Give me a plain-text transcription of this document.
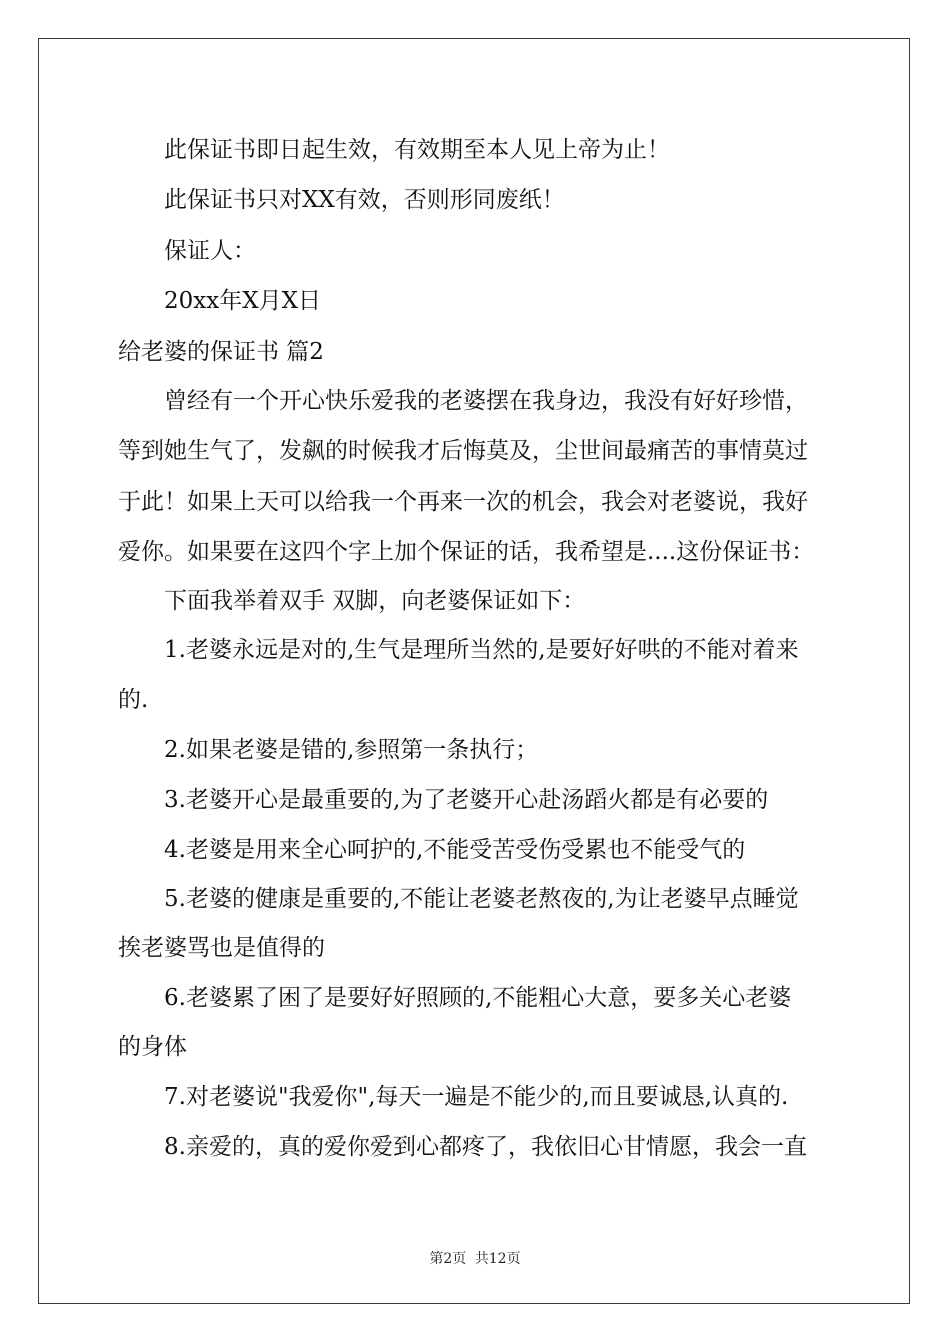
此保证书即日起生效，有效期至本人见上帝为止！
此保证书只对XX有效，否则形同废纸！
保证人：
20xx年X月X日
给老婆的保证书 篇2
曾经有一个开心快乐爱我的老婆摆在我身边，我没有好好珍惜，
等到她生气了，发飙的时候我才后悔莫及，尘世间最痛苦的事情莫过
于此！如果上天可以给我一个再来一次的机会，我会对老婆说，我好
爱你。如果要在这四个字上加个保证的话，我希望是....这份保证书：
下面我举着双手 双脚，向老婆保证如下：
1.老婆永远是对的,生气是理所当然的,是要好好哄的不能对着来
的.
2.如果老婆是错的,参照第一条执行；
3.老婆开心是最重要的,为了老婆开心赴汤蹈火都是有必要的
4.老婆是用来全心呵护的,不能受苦受伤受累也不能受气的
5.老婆的健康是重要的,不能让老婆老熬夜的,为让老婆早点睡觉
挨老婆骂也是值得的
6.老婆累了困了是要好好照顾的,不能粗心大意，要多关心老婆
的身体
7.对老婆说"我爱你",每天一遍是不能少的,而且要诚恳,认真的.
8.亲爱的，真的爱你爱到心都疼了，我依旧心甘情愿，我会一直
第2页 共12页
